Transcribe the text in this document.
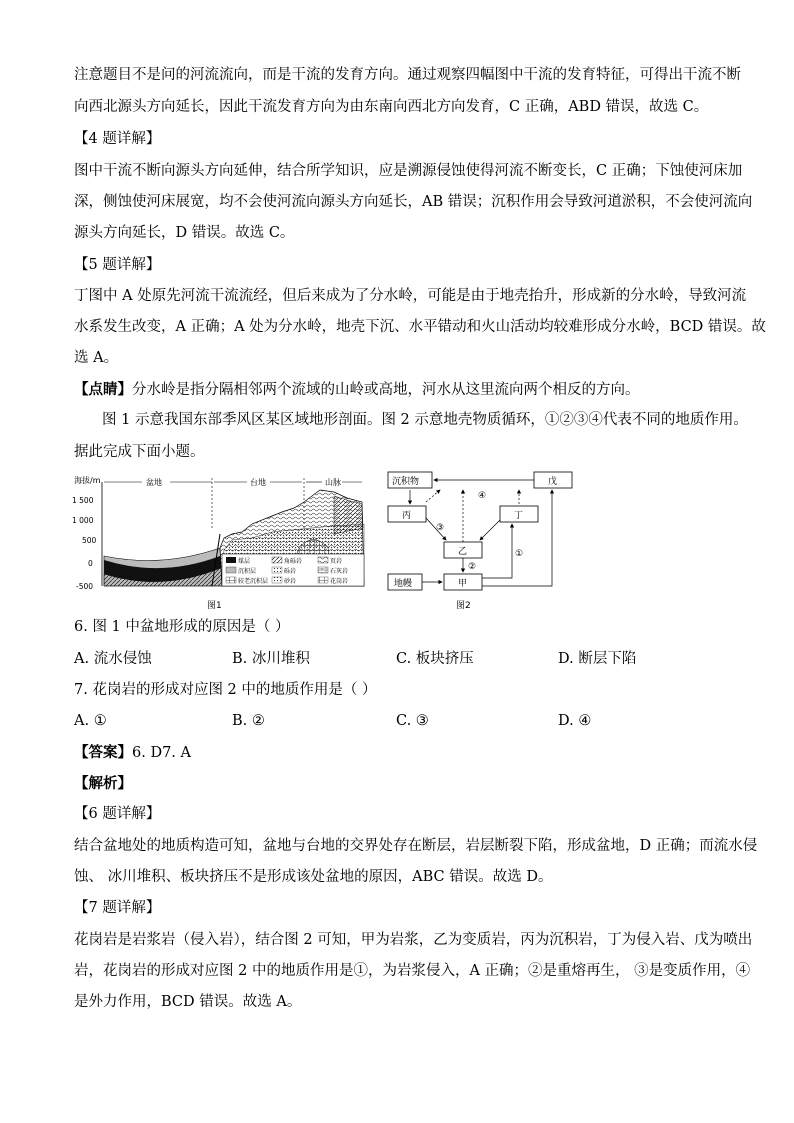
注意题目不是问的河流流向，而是干流的发育方向。通过观察四幅图中干流的发育特征，可得出干流不断
向西北源头方向延长，因此干流发育方向为由东南向西北方向发育，C 正确，ABD 错误，故选 C。
【4 题详解】
图中干流不断向源头方向延伸，结合所学知识，应是溯源侵蚀使得河流不断变长，C 正确；下蚀使河床加
深，侧蚀使河床展宽，均不会使河流向源头方向延长，AB 错误；沉积作用会导致河道淤积，不会使河流向
源头方向延长，D 错误。故选 C。
【5 题详解】
丁图中 A 处原先河流干流流经，但后来成为了分水岭，可能是由于地壳抬升，形成新的分水岭，导致河流
水系发生改变，A 正确；A 处为分水岭，地壳下沉、水平错动和火山活动均较难形成分水岭，BCD 错误。故
选 A。
【点睛】分水岭是指分隔相邻两个流域的山岭或高地，河水从这里流向两个相反的方向。
图 1 示意我国东部季风区某区域地形剖面。图 2 示意地壳物质循环，①②③④代表不同的地质作用。
据此完成下面小题。
海拔/m
1 500
1 000
500
0
-500
盆地	台地	山脉
煤层	角砾岩	页岩
沉积层	砾岩	石灰岩
较老沉积层	砂岩	花岗岩
图1
沉积物	戊
丙	丁
乙
地幔	甲
④
③
②
①
图2
6. 图 1 中盆地形成的原因是（ ）
A. 流水侵蚀	B. 冰川堆积	C. 板块挤压	D. 断层下陷
7. 花岗岩的形成对应图 2 中的地质作用是（ ）
A. ①	B. ②	C. ③	D. ④
【答案】6. D7. A
【解析】
【6 题详解】
结合盆地处的地质构造可知，盆地与台地的交界处存在断层，岩层断裂下陷，形成盆地，D 正确；而流水侵
蚀、 冰川堆积、板块挤压不是形成该处盆地的原因，ABC 错误。故选 D。
【7 题详解】
花岗岩是岩浆岩（侵入岩），结合图 2 可知，甲为岩浆，乙为变质岩，丙为沉积岩，丁为侵入岩、戊为喷出
岩，花岗岩的形成对应图 2 中的地质作用是①，为岩浆侵入，A 正确；②是重熔再生， ③是变质作用，④
是外力作用，BCD 错误。故选 A。
